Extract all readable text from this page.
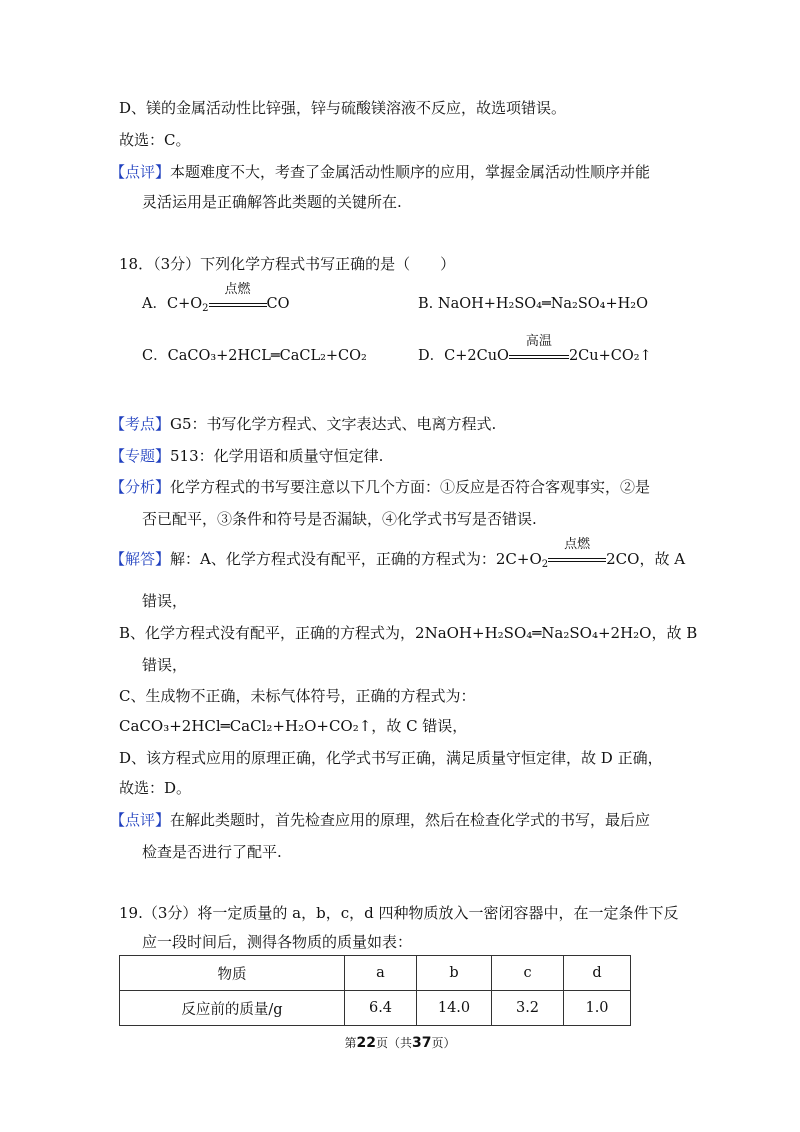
D、镁的金属活动性比锌强，锌与硫酸镁溶液不反应，故选项错误。
故选：C。
【点评】本题难度不大，考查了金属活动性顺序的应用，掌握金属活动性顺序并能
灵活运用是正确解答此类题的关键所在.
18．（3分）下列化学方程式书写正确的是（　　）
A．$C+O_2$
点燃
CO	B. NaOH+H₂SO₄═Na₂SO₄+H₂O
C．CaCO₃+2HCL═CaCL₂+CO₂	D．C+2CuO
高温
2Cu+CO₂↑
【考点】G5：书写化学方程式、文字表达式、电离方程式.
【专题】513：化学用语和质量守恒定律.
【分析】化学方程式的书写要注意以下几个方面：①反应是否符合客观事实，②是
否已配平，③条件和符号是否漏缺，④化学式书写是否错误.
【解答】解：A、化学方程式没有配平，正确的方程式为：$2C+O_2$
点燃
2CO，故 A
错误，
B、化学方程式没有配平，正确的方程式为，2NaOH+H₂SO₄═Na₂SO₄+2H₂O，故 B
错误，
C、生成物不正确，未标气体符号，正确的方程式为：
CaCO₃+2HCl═CaCl₂+H₂O+CO₂↑，故 C 错误，
D、该方程式应用的原理正确，化学式书写正确，满足质量守恒定律，故 D 正确，
故选：D。
【点评】在解此类题时，首先检查应用的原理，然后在检查化学式的书写，最后应
检查是否进行了配平.
19.（3分）将一定质量的 a，b，c，d 四种物质放入一密闭容器中，在一定条件下反
应一段时间后，测得各物质的质量如表：
物质	a	b	c	d
反应前的质量/g	6.4	14.0	3.2	1.0
第22页（共37页）
